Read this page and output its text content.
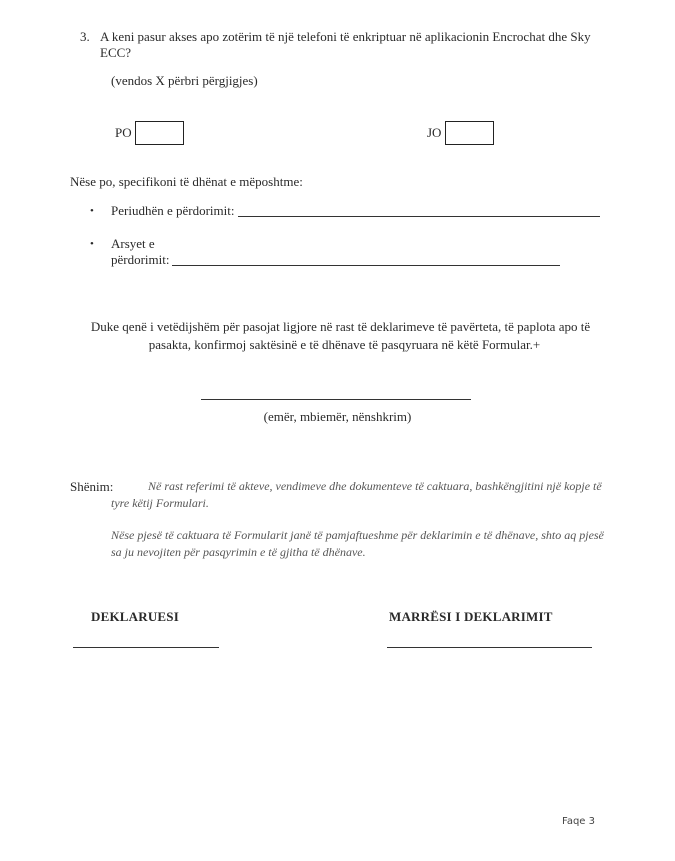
3. A keni pasur akses apo zotërim të një telefoni të enkriptuar në aplikacionin Encrochat dhe Sky ECC?
(vendos X përbri përgjigjes)
PO	JO
Nëse po, specifikoni të dhënat e mëposhtme:
• Periudhën e përdorimit:
• Arsyet e
përdorimit:
Duke qenë i vetëdijshëm për pasojat ligjore në rast të deklarimeve të pavërteta, të paplota apo të
pasakta, konfirmoj saktësinë e të dhënave të pasqyruara në këtë Formular.+
(emër, mbiemër, nënshkrim)
Shënim:	Në rast referimi të akteve, vendimeve dhe dokumenteve të caktuara, bashkëngjitini një kopje të tyre këtij Formulari.
Nëse pjesë të caktuara të Formularit janë të pamjaftueshme për deklarimin e të dhënave, shto aq pjesë sa ju nevojiten për pasqyrimin e të gjitha të dhënave.
DEKLARUESI	MARRËSI I DEKLARIMIT
Faqe 3
